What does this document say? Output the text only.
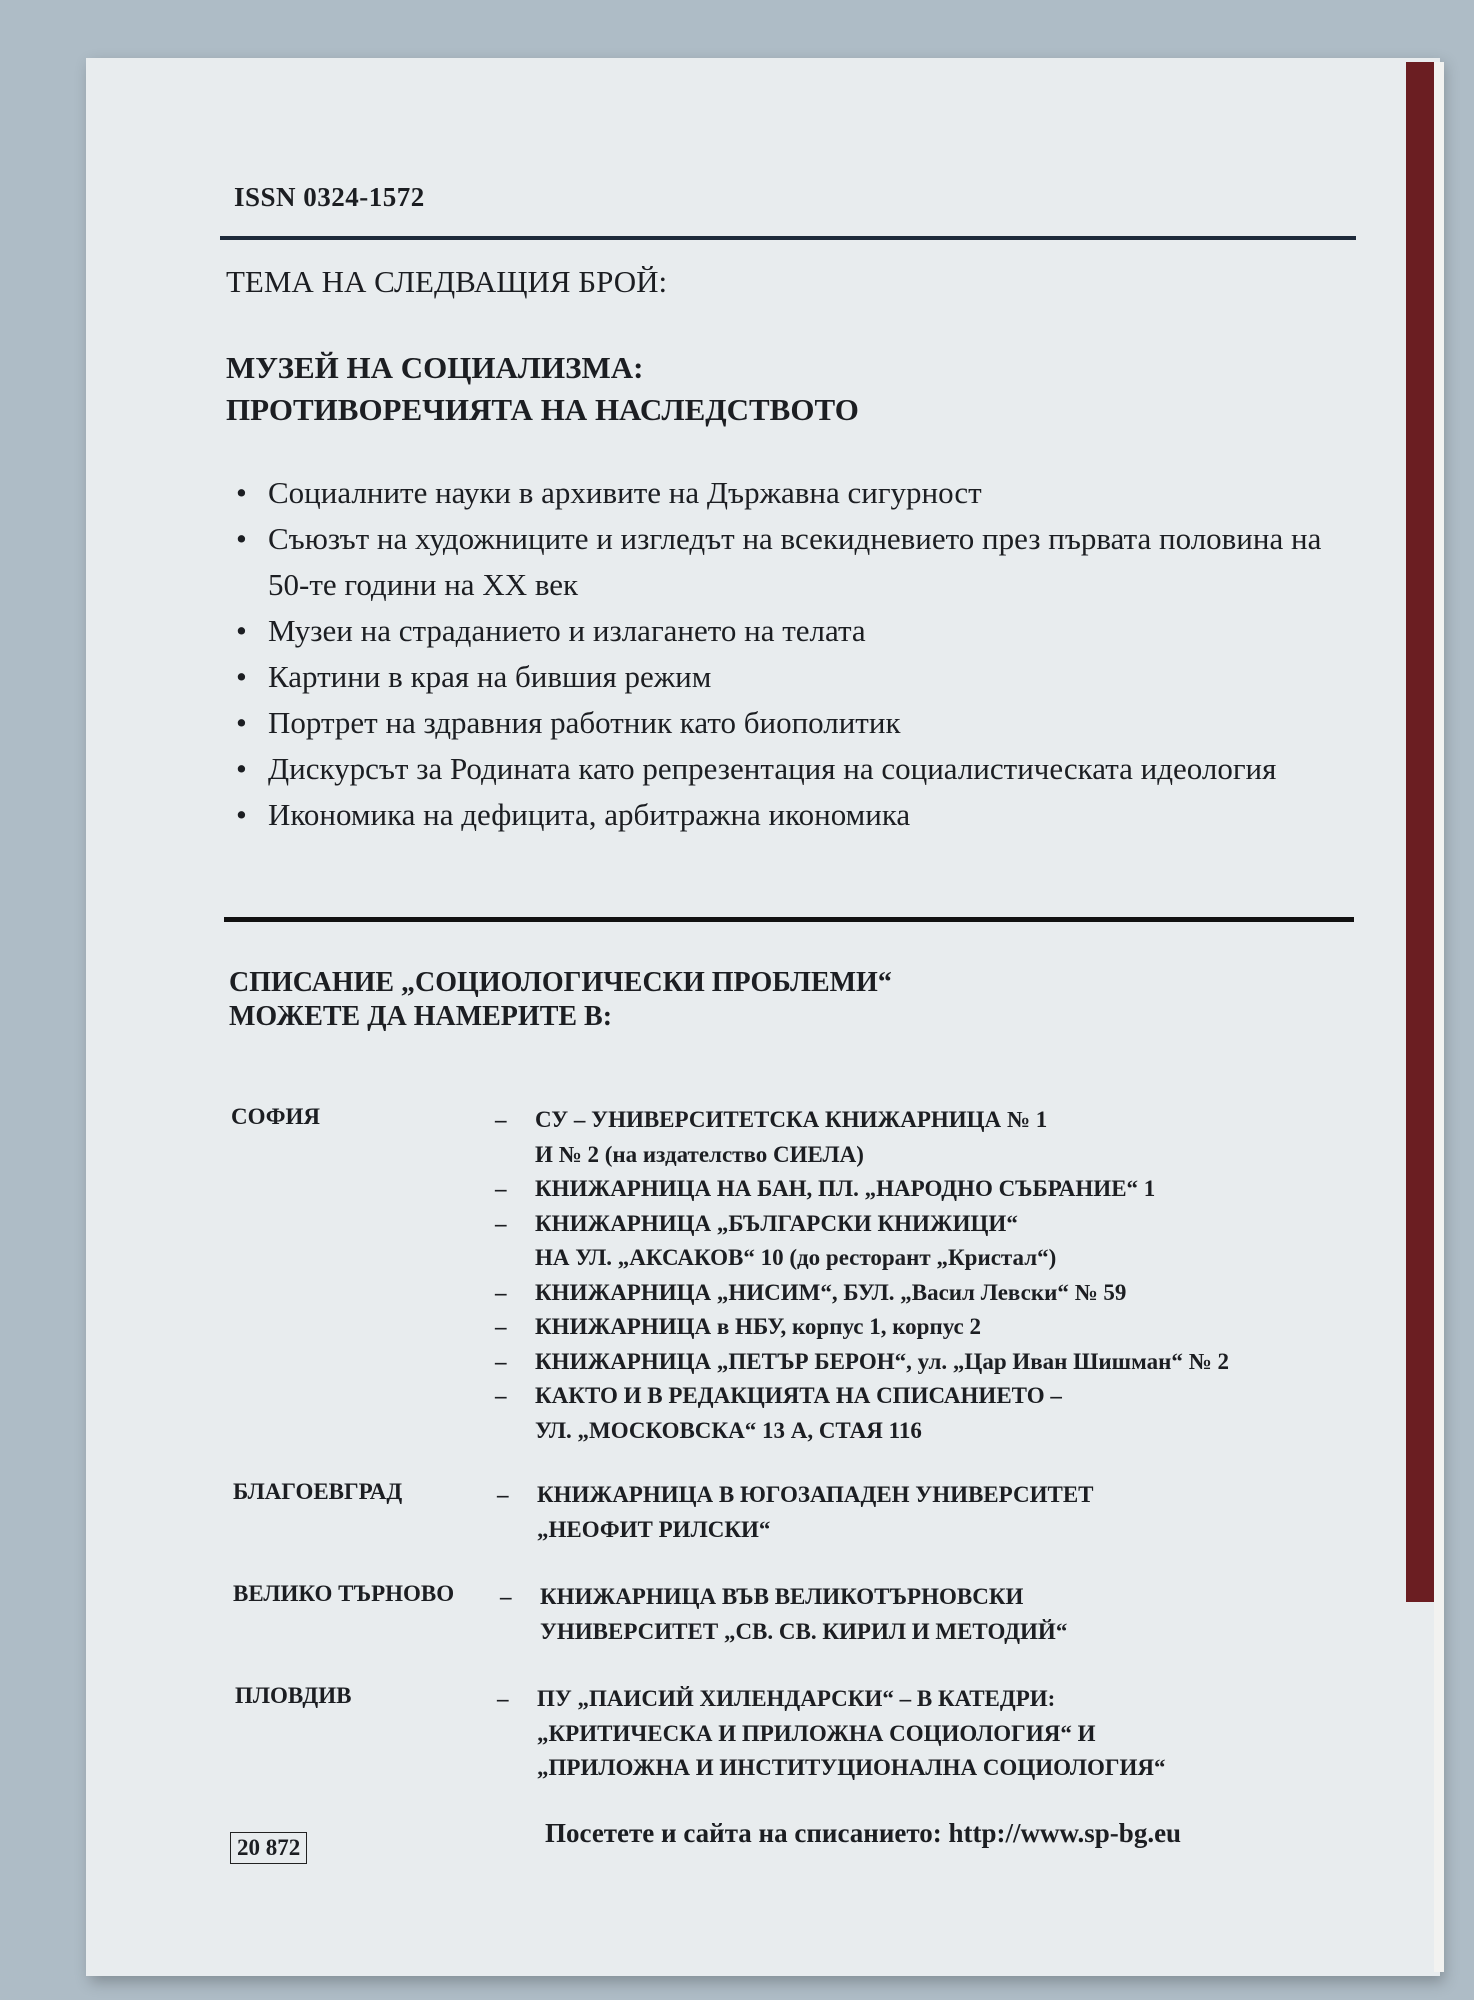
ISSN 0324-1572
ТЕМА НА СЛЕДВАЩИЯ БРОЙ:
МУЗЕЙ НА СОЦИАЛИЗМА:
ПРОТИВОРЕЧИЯТА НА НАСЛЕДСТВОТО
• Социалните науки в архивите на Държавна сигурност
• Съюзът на художниците и изгледът на всекидневието през първата половина на 50-те години на XX век
• Музеи на страданието и излагането на телата
• Картини в края на бившия режим
• Портрет на здравния работник като биополитик
• Дискурсът за Родината като репрезентация на социалистическата идеология
• Икономика на дефицита, арбитражна икономика
СПИСАНИЕ „СОЦИОЛОГИЧЕСКИ ПРОБЛЕМИ“
МОЖЕТЕ ДА НАМЕРИТЕ В:
СОФИЯ	– СУ – УНИВЕРСИТЕТСКА КНИЖАРНИЦА № 1
И № 2 (на издателство СИЕЛА)
– КНИЖАРНИЦА НА БАН, ПЛ. „НАРОДНО СЪБРАНИЕ“ 1
– КНИЖАРНИЦА „БЪЛГАРСКИ КНИЖИЦИ“
НА УЛ. „АКСАКОВ“ 10 (до ресторант „Кристал“)
– КНИЖАРНИЦА „НИСИМ“, БУЛ. „Васил Левски“ № 59
– КНИЖАРНИЦА в НБУ, корпус 1, корпус 2
– КНИЖАРНИЦА „ПЕТЪР БЕРОН“, ул. „Цар Иван Шишман“ № 2
– КАКТО И В РЕДАКЦИЯТА НА СПИСАНИЕТО –
УЛ. „МОСКОВСКА“ 13 А, СТАЯ 116
БЛАГОЕВГРАД	– КНИЖАРНИЦА В ЮГОЗАПАДЕН УНИВЕРСИТЕТ
„НЕОФИТ РИЛСКИ“
ВЕЛИКО ТЪРНОВО – КНИЖАРНИЦА ВЪВ ВЕЛИКОТЪРНОВСКИ
УНИВЕРСИТЕТ „СВ. СВ. КИРИЛ И МЕТОДИЙ“
ПЛОВДИВ	– ПУ „ПАИСИЙ ХИЛЕНДАРСКИ“ – В КАТЕДРИ:
„КРИТИЧЕСКА И ПРИЛОЖНА СОЦИОЛОГИЯ“ И
„ПРИЛОЖНА И ИНСТИТУЦИОНАЛНА СОЦИОЛОГИЯ“
20 872	Посетете и сайта на списанието: http://www.sp-bg.eu
